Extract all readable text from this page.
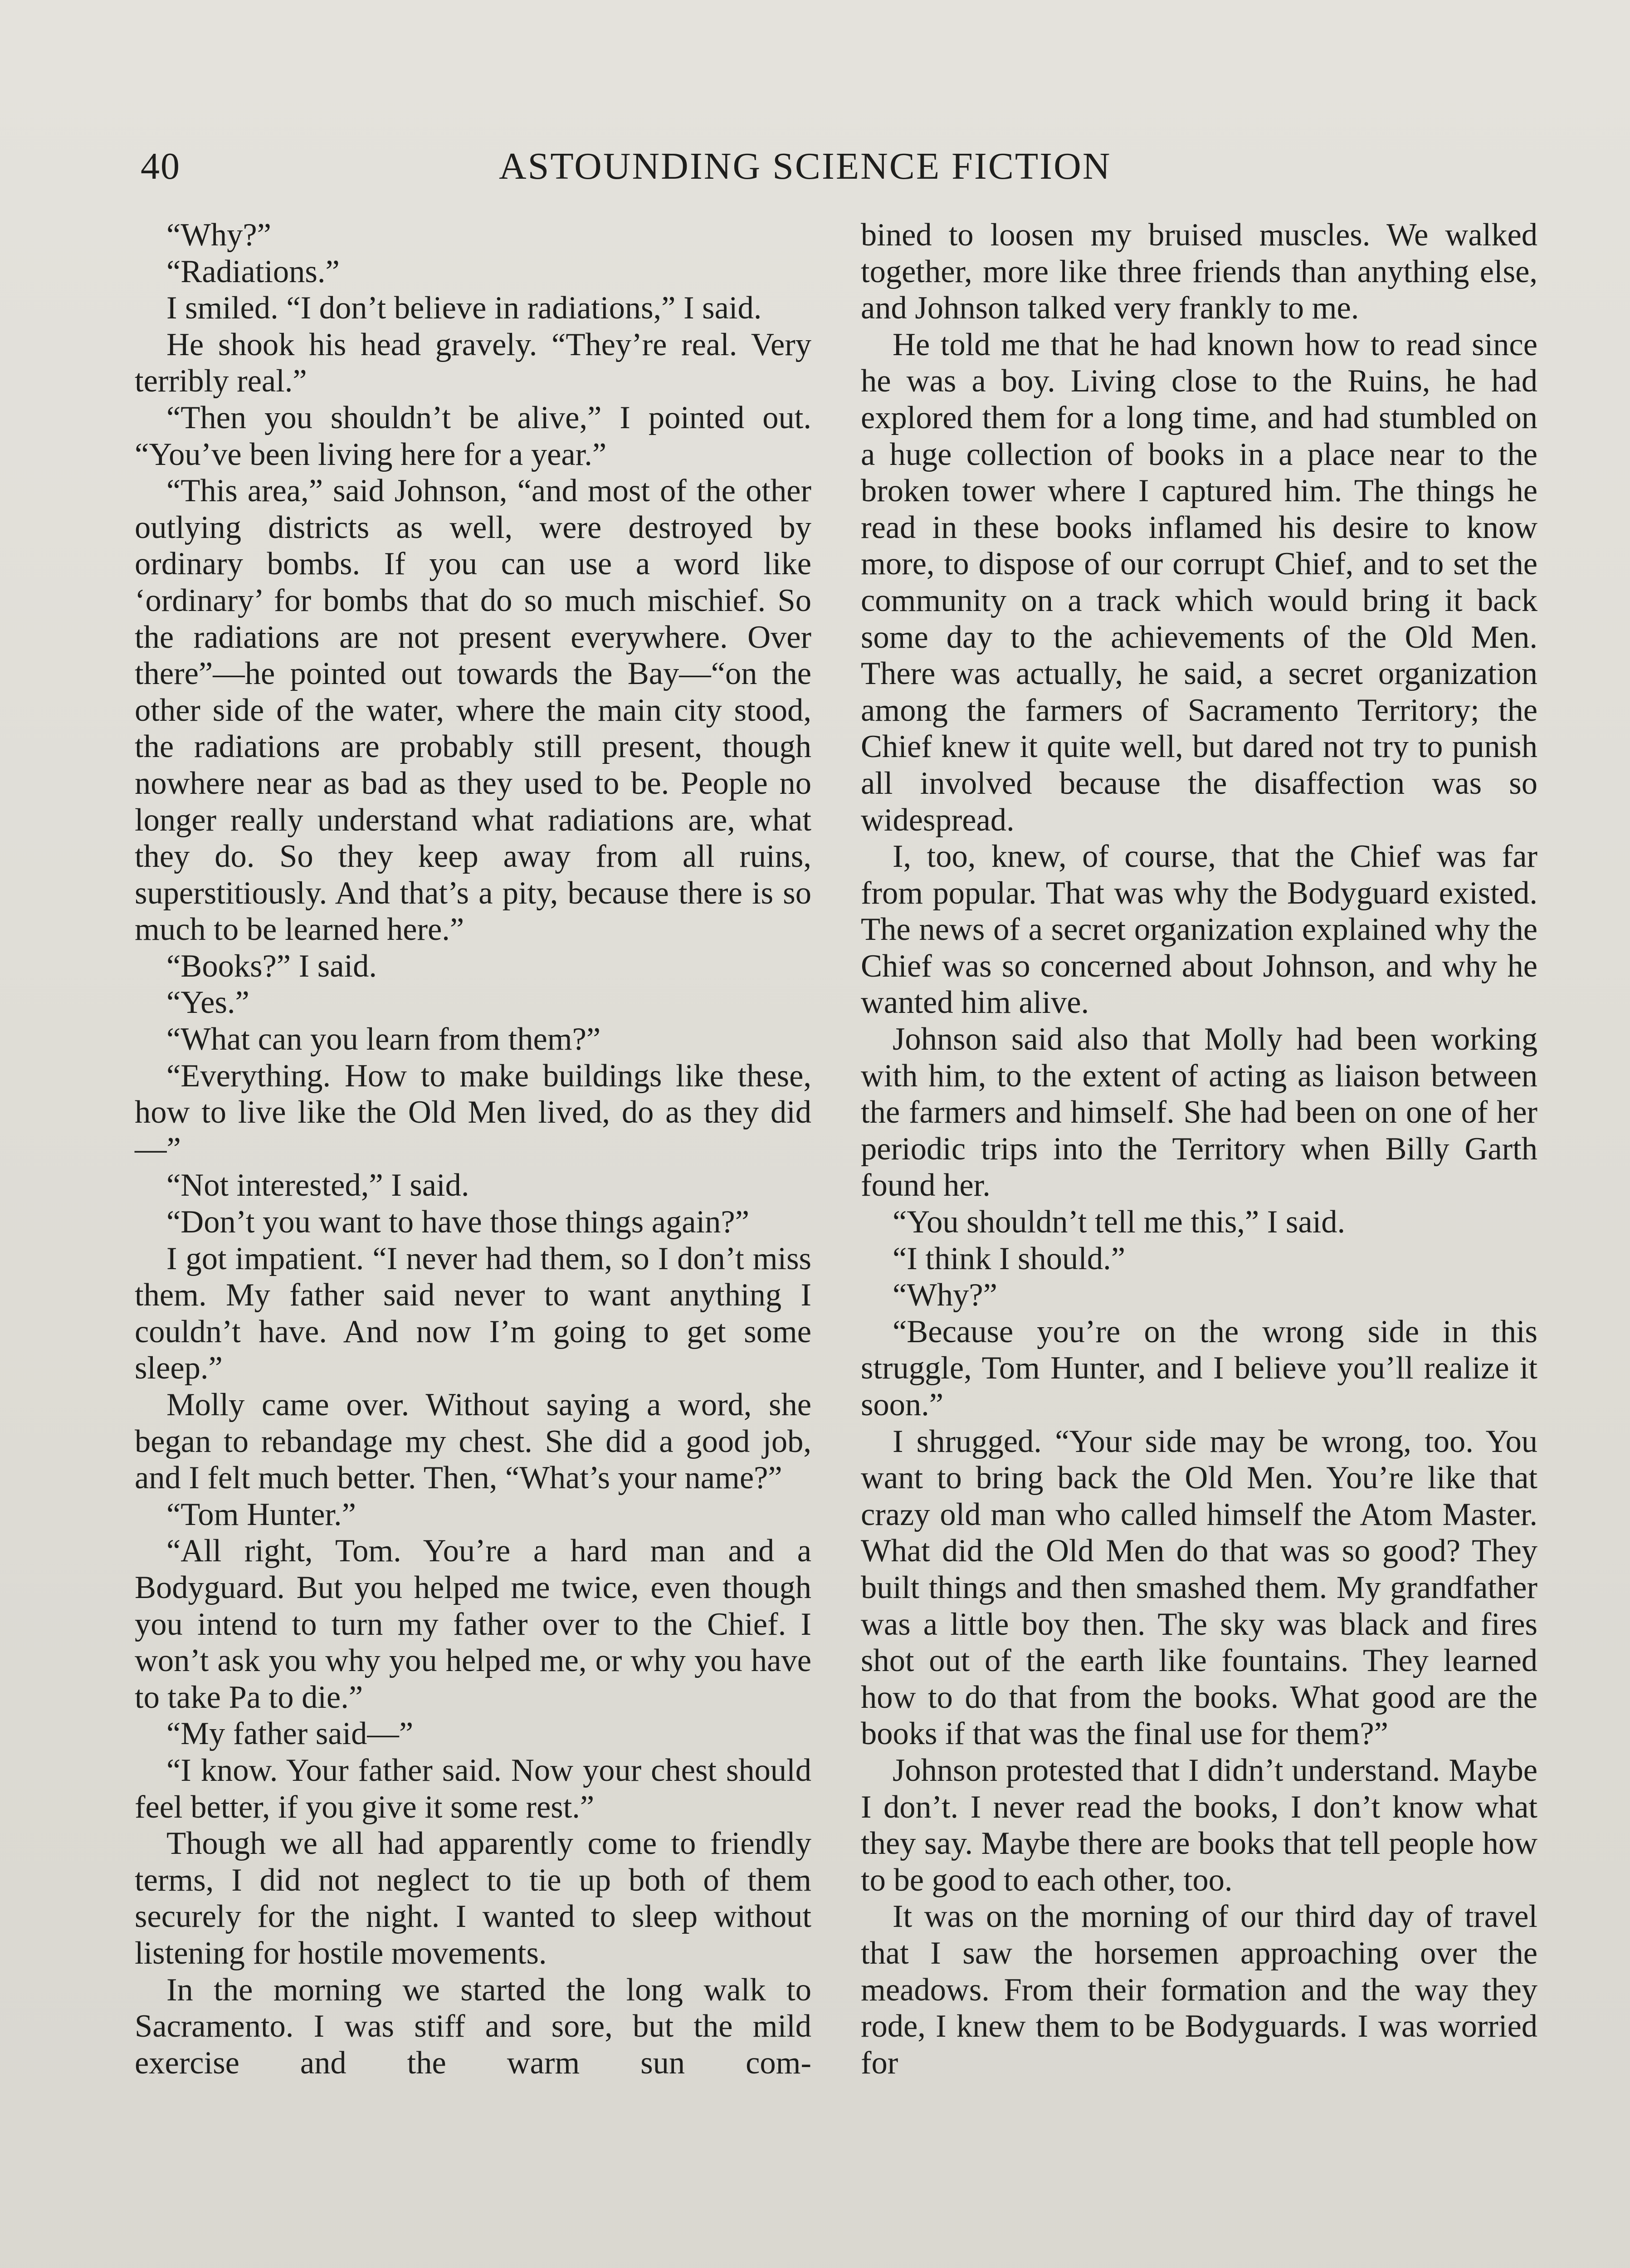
40	ASTOUNDING SCIENCE FICTION

“Why?”

“Radiations.”

I smiled. “I don’t believe in radiations,” I said.

He shook his head gravely. “They’re real. Very terribly real.”

“Then you shouldn’t be alive,” I pointed out. “You’ve been living here for a year.”

“This area,” said Johnson, “and most of the other outlying districts as well, were destroyed by ordinary bombs. If you can use a word like ‘ordinary’ for bombs that do so much mischief. So the radiations are not present everywhere. Over there”—he pointed out towards the Bay—“on the other side of the water, where the main city stood, the radiations are probably still present, though nowhere near as bad as they used to be. People no longer really understand what radiations are, what they do. So they keep away from all ruins, superstitiously. And that’s a pity, because there is so much to be learned here.”

“Books?” I said.

“Yes.”

“What can you learn from them?”

“Everything. How to make buildings like these, how to live like the Old Men lived, do as they did—”

“Not interested,” I said.

“Don’t you want to have those things again?”

I got impatient. “I never had them, so I don’t miss them. My father said never to want anything I couldn’t have. And now I’m going to get some sleep.”

Molly came over. Without saying a word, she began to rebandage my chest. She did a good job, and I felt much better. Then, “What’s your name?”

“Tom Hunter.”

“All right, Tom. You’re a hard man and a Bodyguard. But you helped me twice, even though you intend to turn my father over to the Chief. I won’t ask you why you helped me, or why you have to take Pa to die.”

“My father said—”

“I know. Your father said. Now your chest should feel better, if you give it some rest.”

Though we all had apparently come to friendly terms, I did not neglect to tie up both of them securely for the night. I wanted to sleep without listening for hostile movements.

In the morning we started the long walk to Sacramento. I was stiff and sore, but the mild exercise and the warm sun com-

bined to loosen my bruised muscles. We walked together, more like three friends than anything else, and Johnson talked very frankly to me.

He told me that he had known how to read since he was a boy. Living close to the Ruins, he had explored them for a long time, and had stumbled on a huge collection of books in a place near to the broken tower where I captured him. The things he read in these books inflamed his desire to know more, to dispose of our corrupt Chief, and to set the community on a track which would bring it back some day to the achievements of the Old Men. There was actually, he said, a secret organization among the farmers of Sacramento Territory; the Chief knew it quite well, but dared not try to punish all involved because the disaffection was so widespread.

I, too, knew, of course, that the Chief was far from popular. That was why the Bodyguard existed. The news of a secret organization explained why the Chief was so concerned about Johnson, and why he wanted him alive.

Johnson said also that Molly had been working with him, to the extent of acting as liaison between the farmers and himself. She had been on one of her periodic trips into the Territory when Billy Garth found her.

“You shouldn’t tell me this,” I said.

“I think I should.”

“Why?”

“Because you’re on the wrong side in this struggle, Tom Hunter, and I believe you’ll realize it soon.”

I shrugged. “Your side may be wrong, too. You want to bring back the Old Men. You’re like that crazy old man who called himself the Atom Master. What did the Old Men do that was so good? They built things and then smashed them. My grandfather was a little boy then. The sky was black and fires shot out of the earth like fountains. They learned how to do that from the books. What good are the books if that was the final use for them?”

Johnson protested that I didn’t understand. Maybe I don’t. I never read the books, I don’t know what they say. Maybe there are books that tell people how to be good to each other, too.

It was on the morning of our third day of travel that I saw the horsemen approaching over the meadows. From their formation and the way they rode, I knew them to be Bodyguards. I was worried for
